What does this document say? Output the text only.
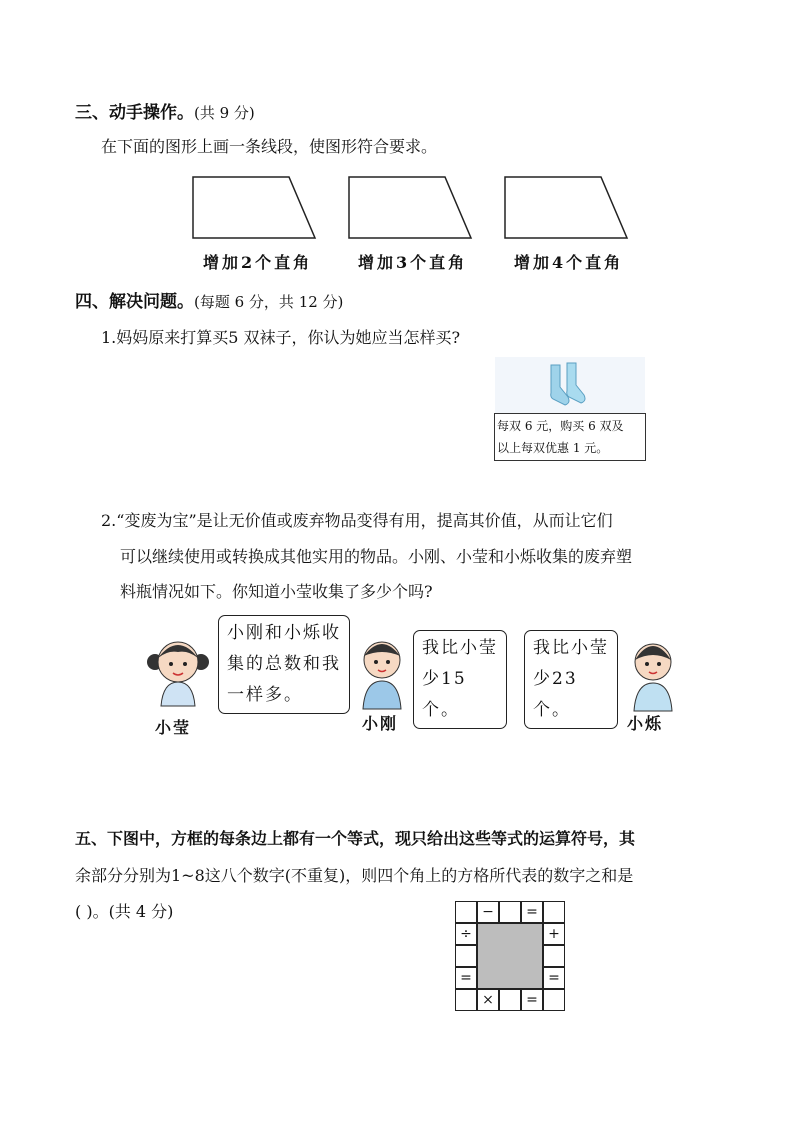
三、动手操作。(共 9 分)
在下面的图形上画一条线段，使图形符合要求。
增加2个直角	增加3个直角	增加4个直角
四、解决问题。(每题 6 分，共 12 分)
1.妈妈原来打算买5 双袜子，你认为她应当怎样买?
每双 6 元，购买 6 双及
以上每双优惠 1 元。
2.“变废为宝”是让无价值或废弃物品变得有用，提高其价值，从而让它们
可以继续使用或转换成其他实用的物品。小刚、小莹和小烁收集的废弃塑
料瓶情况如下。你知道小莹收集了多少个吗?
小刚和小烁收集的总数和我一样多。
小莹
我比小莹少15个。
小刚
我比小莹少23个。
小烁
五、下图中，方框的每条边上都有一个等式，现只给出这些等式的运算符号，其
余部分分别为1~8这八个数字(不重复)，则四个角上的方格所代表的数字之和是
( )。(共 4 分)	−	=
÷
=
+
=
×	=
